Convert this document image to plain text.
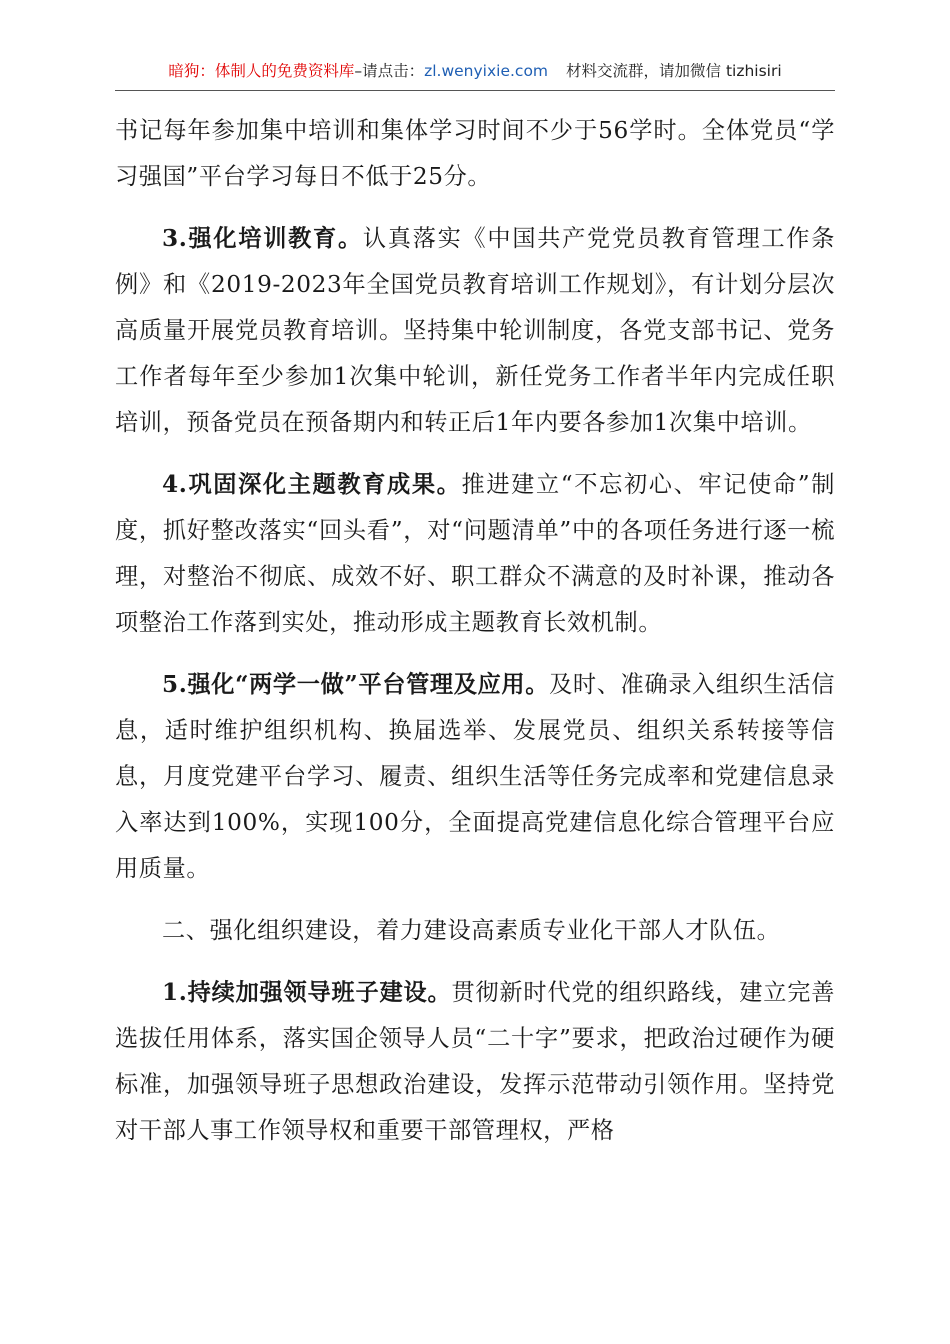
暗狗：体制人的免费资料库–请点击：zl.wenyixie.com 材料交流群，请加微信 tizhisiri

书记每年参加集中培训和集体学习时间不少于56学时。全体党员“学习强国”平台学习每日不低于25分。

3.强化培训教育。认真落实《中国共产党党员教育管理工作条例》和《2019-2023年全国党员教育培训工作规划》，有计划分层次高质量开展党员教育培训。坚持集中轮训制度，各党支部书记、党务工作者每年至少参加1次集中轮训，新任党务工作者半年内完成任职培训，预备党员在预备期内和转正后1年内要各参加1次集中培训。

4.巩固深化主题教育成果。推进建立“不忘初心、牢记使命”制度，抓好整改落实“回头看”，对“问题清单”中的各项任务进行逐一梳理，对整治不彻底、成效不好、职工群众不满意的及时补课，推动各项整治工作落到实处，推动形成主题教育长效机制。

5.强化“两学一做”平台管理及应用。及时、准确录入组织生活信息，适时维护组织机构、换届选举、发展党员、组织关系转接等信息，月度党建平台学习、履责、组织生活等任务完成率和党建信息录入率达到100%，实现100分，全面提高党建信息化综合管理平台应用质量。

二、强化组织建设，着力建设高素质专业化干部人才队伍。

1.持续加强领导班子建设。贯彻新时代党的组织路线，建立完善选拔任用体系，落实国企领导人员“二十字”要求，把政治过硬作为硬标准，加强领导班子思想政治建设，发挥示范带动引领作用。坚持党对干部人事工作领导权和重要干部管理权，严格
